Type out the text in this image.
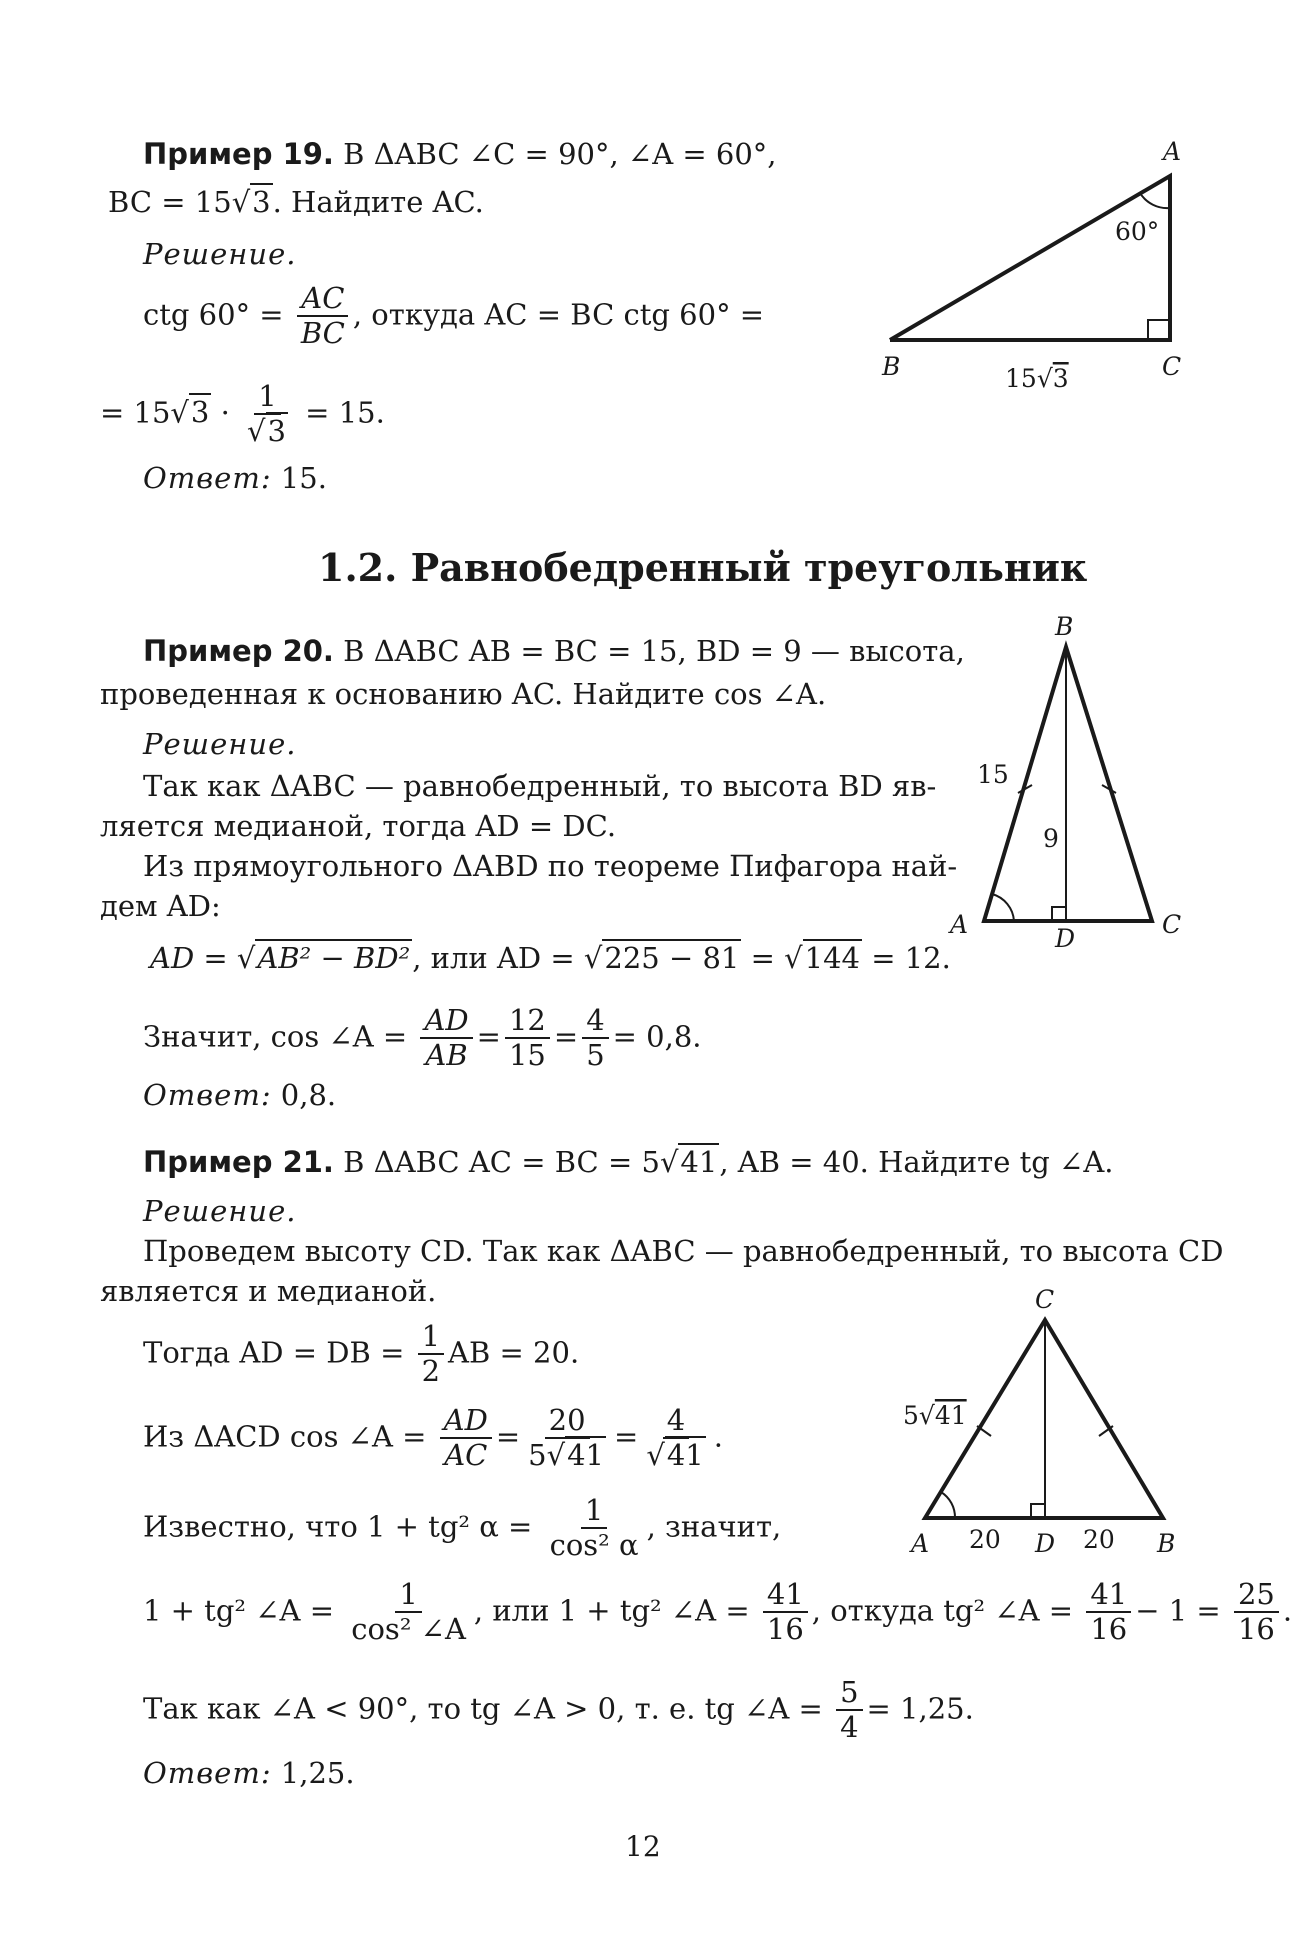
Пример 19. В ΔABC ∠C = 90°, ∠A = 60°,
BC = 15√3. Найдите AC.
Решение.
ctg $60^\circ = \frac{AC}{BC}$ , откуда AC = BC ctg 60° =
= $15√3 \cdot \frac{1}{√3} = 15$.
Ответ: 15.
A
B	C
60°
15√3
1.2. Равнобедренный треугольник
Пример 20. В ΔABC AB = BC = 15, BD = 9 — высота,
проведенная к основанию AC. Найдите cos ∠A.
Решение.
Так как ΔABC — равнобедренный, то высота BD яв-
ляется медианой, тогда AD = DC.
Из прямоугольного ΔABD по теореме Пифагора най-
дем AD:
AD = √AB² − BD², или AD = √225 − 81 = √144 = 12.
Значит, cos ∠A = $\frac{AD}{AB} = \frac{12}{15} = \frac{4}{5} = 0,8$.
Ответ: 0,8.
B
A	C
D
15
9
Пример 21. В ΔABC AC = BC = 5√41, AB = 40. Найдите tg ∠A.
Решение.
Проведем высоту CD. Так как ΔABC — равнобедренный, то высота CD
является и медианой.
Тогда AD = DB = $\frac{1}{2}$ AB = 20.
Из ΔACD cos ∠A = $\frac{AD}{AC} = \frac{20}{5√41} = \frac{4}{√41}$ .
Известно, что 1 + tg² $\alpha = \frac{1}{\text{cos² α}}$ , значит,
1 + tg² ∠A = $\frac{1}{\text{cos² ∠A}}$ , или 1 + tg² ∠A = $\frac{41}{16}$ , откуда tg² ∠A = $\frac{41}{16} - 1 = \frac{25}{16}$ .
Так как ∠A < 90°, то tg ∠A > 0, т. е. tg ∠A = $\frac{5}{4} = 1,25$.
Ответ: 1,25.
C
A	B
D
20	20
5√41
12
